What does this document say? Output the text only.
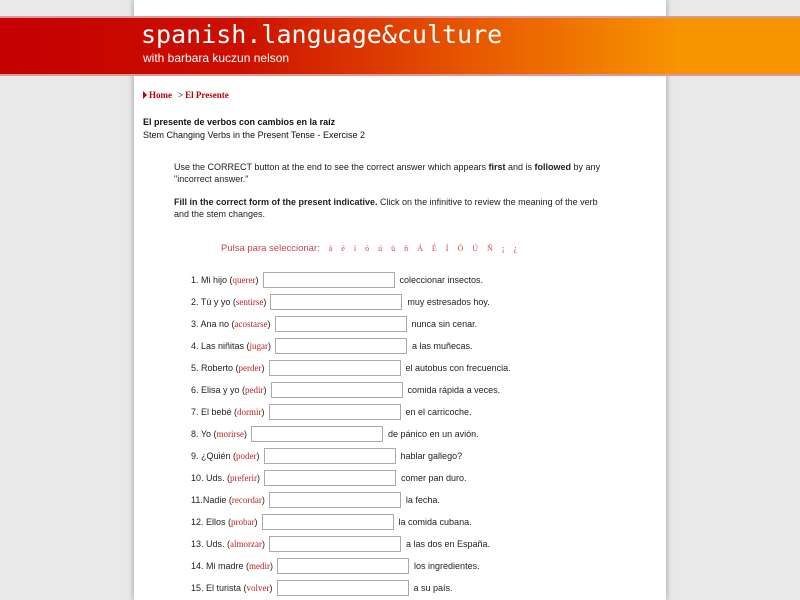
spanish.language&culture
with barbara kuczun nelson
Home > El Presente
El presente de verbos con cambios en la raíz
Stem Changing Verbs in the Present Tense - Exercise 2
Use the CORRECT button at the end to see the correct answer which appears first and is followed by any "incorrect answer."
Fill in the correct form of the present indicative. Click on the infinitive to review the meaning of the verb and the stem changes.
Pulsa para seleccionar: á é í ó ú ü ñ Á É Í Ó Ú Ñ ¡ ¿
1. Mi hijo ( querer )	coleccionar insectos.
2. Tú y yo ( sentirse )	muy estresados hoy.
3. Ana no ( acostarse )	nunca sin cenar.
4. Las niñitas ( jugar )	a las muñecas.
5. Roberto ( perder )	el autobus con frecuencia.
6. Elisa y yo ( pedir )	comida rápida a veces.
7. El bebé ( dormir )	en el carricoche.
8. Yo ( morirse )	de pánico en un avión.
9. ¿Quién ( poder )	hablar gallego?
10. Uds. ( preferir )	comer pan duro.
11.Nadie ( recordar )	la fecha.
12. Ellos ( probar )	la comida cubana.
13. Uds. ( almorzar )	a las dos en España.
14. Mi madre ( medir )	los ingredientes.
15. El turista ( volver )	a su país.
